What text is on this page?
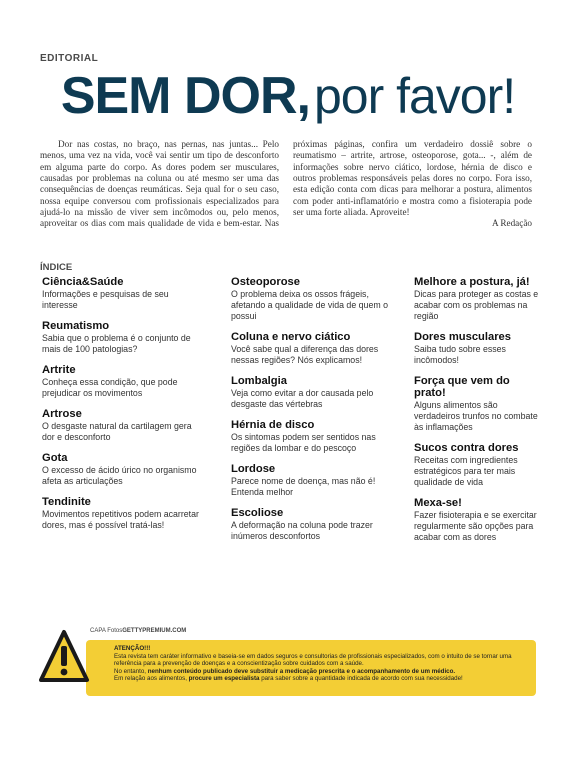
EDITORIAL
SEM DOR, por favor!

Dor nas costas, no braço, nas pernas, nas juntas... Pelo menos, uma vez na vida, você vai sentir um tipo de desconforto em alguma parte do corpo. As dores podem ser musculares, causadas por problemas na coluna ou até mesmo ser uma das consequências de doenças reumáticas. Seja qual for o seu caso, nossa equipe conversou com profissionais especializados para ajudá-lo na missão de viver sem incômodos ou, pelo menos, aproveitar os dias com mais qualidade de vida e bem-estar. Nas próximas páginas, confira um verdadeiro dossiê sobre o reumatismo – artrite, artrose, osteoporose, gota... -, além de informações sobre nervo ciático, lordose, hérnia de disco e outros problemas responsáveis pelas dores no corpo. Fora isso, esta edição conta com dicas para melhorar a postura, alimentos com poder anti-inflamatório e mostra como a fisioterapia pode ser uma forte aliada. Aproveite!

A Redação
ÍNDICE
Ciência&Saúde

Informações e pesquisas de seu interesse

Reumatismo

Sabia que o problema é o conjunto de mais de 100 patologias?

Artrite

Conheça essa condição, que pode prejudicar os movimentos

Artrose

O desgaste natural da cartilagem gera dor e desconforto

Gota

O excesso de ácido úrico no organismo afeta as articulações

Tendinite

Movimentos repetitivos podem acarretar dores, mas é possível tratá-las!

Osteoporose

O problema deixa os ossos frágeis, afetando a qualidade de vida de quem o possui

Coluna e nervo ciático

Você sabe qual a diferença das dores nessas regiões? Nós explicamos!

Lombalgia

Veja como evitar a dor causada pelo desgaste das vértebras

Hérnia de disco

Os sintomas podem ser sentidos nas regiões da lombar e do pescoço

Lordose

Parece nome de doença, mas não é! Entenda melhor

Escoliose

A deformação na coluna pode trazer inúmeros desconfortos

Melhore a postura, já!

Dicas para proteger as costas e acabar com os problemas na região

Dores musculares

Saiba tudo sobre esses incômodos!

Força que vem do prato!

Alguns alimentos são verdadeiros trunfos no combate às inflamações

Sucos contra dores

Receitas com ingredientes estratégicos para ter mais qualidade de vida

Mexa-se!

Fazer fisioterapia e se exercitar regularmente são opções para acabar com as dores

CAPA FotosGETTYPREMIUM.COM
ATENÇÃO!!!
Esta revista tem caráter informativo e baseia-se em dados seguros e consultorias de profissionais especializados, com o intuito de se tornar uma referência para a prevenção de doenças e a conscientização sobre cuidados com a saúde.
No entanto, nenhum conteúdo publicado deve substituir a medicação prescrita e o acompanhamento de um médico.
Em relação aos alimentos, procure um especialista para saber sobre a quantidade indicada de acordo com sua necessidade!
